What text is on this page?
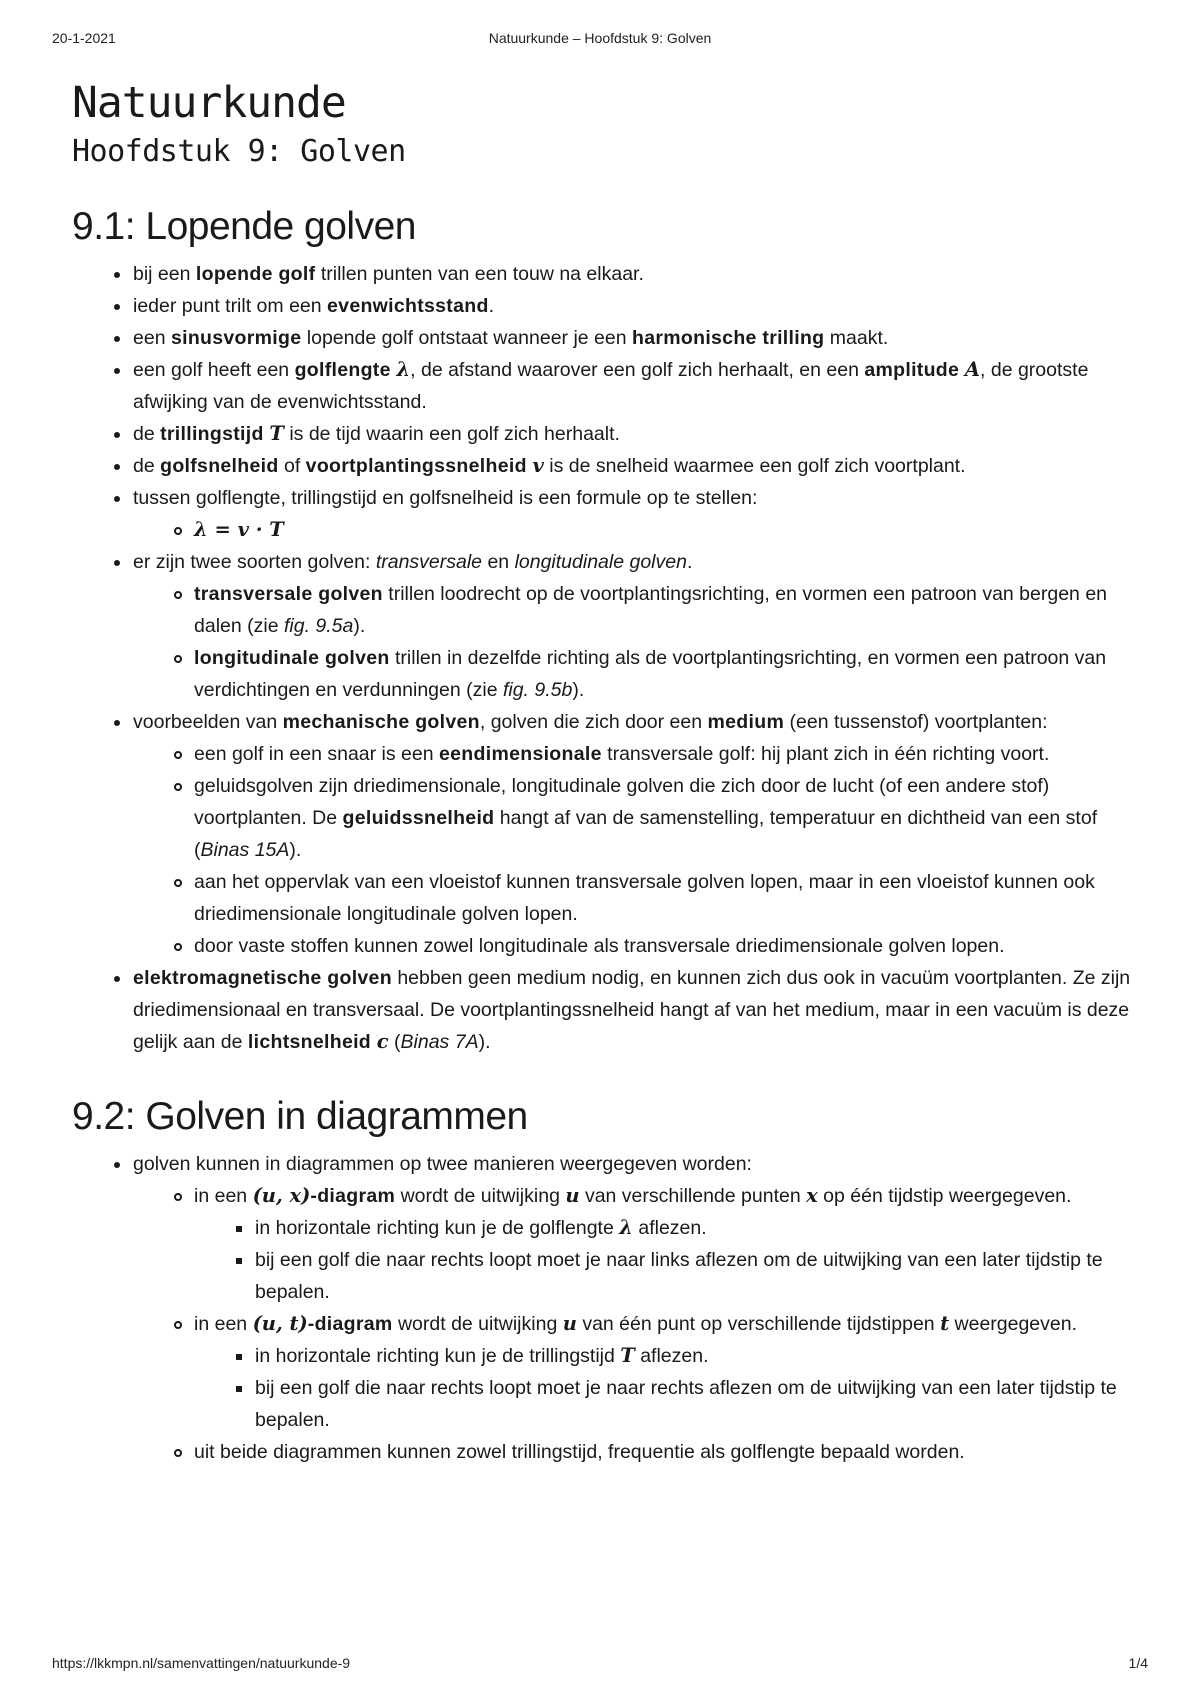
20-1-2021	Natuurkunde – Hoofdstuk 9: Golven
Natuurkunde
Hoofdstuk 9: Golven
9.1: Lopende golven
bij een lopende golf trillen punten van een touw na elkaar.
ieder punt trilt om een evenwichtsstand.
een sinusvormige lopende golf ontstaat wanneer je een harmonische trilling maakt.
een golf heeft een golflengte λ, de afstand waarover een golf zich herhaalt, en een amplitude A, de grootste afwijking van de evenwichtsstand.
de trillingstijd T is de tijd waarin een golf zich herhaalt.
de golfsnelheid of voortplantingssnelheid v is de snelheid waarmee een golf zich voortplant.
tussen golflengte, trillingstijd en golfsnelheid is een formule op te stellen:
λ = v · T
er zijn twee soorten golven: transversale en longitudinale golven.
transversale golven trillen loodrecht op de voortplantingsrichting, en vormen een patroon van bergen en dalen (zie fig. 9.5a).
longitudinale golven trillen in dezelfde richting als de voortplantingsrichting, en vormen een patroon van verdichtingen en verdunningen (zie fig. 9.5b).
voorbeelden van mechanische golven, golven die zich door een medium (een tussenstof) voortplanten:
een golf in een snaar is een eendimensionale transversale golf: hij plant zich in één richting voort.
geluidsgolven zijn driedimensionale, longitudinale golven die zich door de lucht (of een andere stof) voortplanten. De geluidssnelheid hangt af van de samenstelling, temperatuur en dichtheid van een stof (Binas 15A).
aan het oppervlak van een vloeistof kunnen transversale golven lopen, maar in een vloeistof kunnen ook driedimensionale longitudinale golven lopen.
door vaste stoffen kunnen zowel longitudinale als transversale driedimensionale golven lopen.
elektromagnetische golven hebben geen medium nodig, en kunnen zich dus ook in vacuüm voortplanten. Ze zijn driedimensionaal en transversaal. De voortplantingssnelheid hangt af van het medium, maar in een vacuüm is deze gelijk aan de lichtsnelheid c (Binas 7A).
9.2: Golven in diagrammen
golven kunnen in diagrammen op twee manieren weergegeven worden:
in een (u, x)-diagram wordt de uitwijking u van verschillende punten x op één tijdstip weergegeven.
in horizontale richting kun je de golflengte λ aflezen.
bij een golf die naar rechts loopt moet je naar links aflezen om de uitwijking van een later tijdstip te bepalen.
in een (u, t)-diagram wordt de uitwijking u van één punt op verschillende tijdstippen t weergegeven.
in horizontale richting kun je de trillingstijd T aflezen.
bij een golf die naar rechts loopt moet je naar rechts aflezen om de uitwijking van een later tijdstip te bepalen.
uit beide diagrammen kunnen zowel trillingstijd, frequentie als golflengte bepaald worden.
https://lkkmpn.nl/samenvattingen/natuurkunde-9	1/4
